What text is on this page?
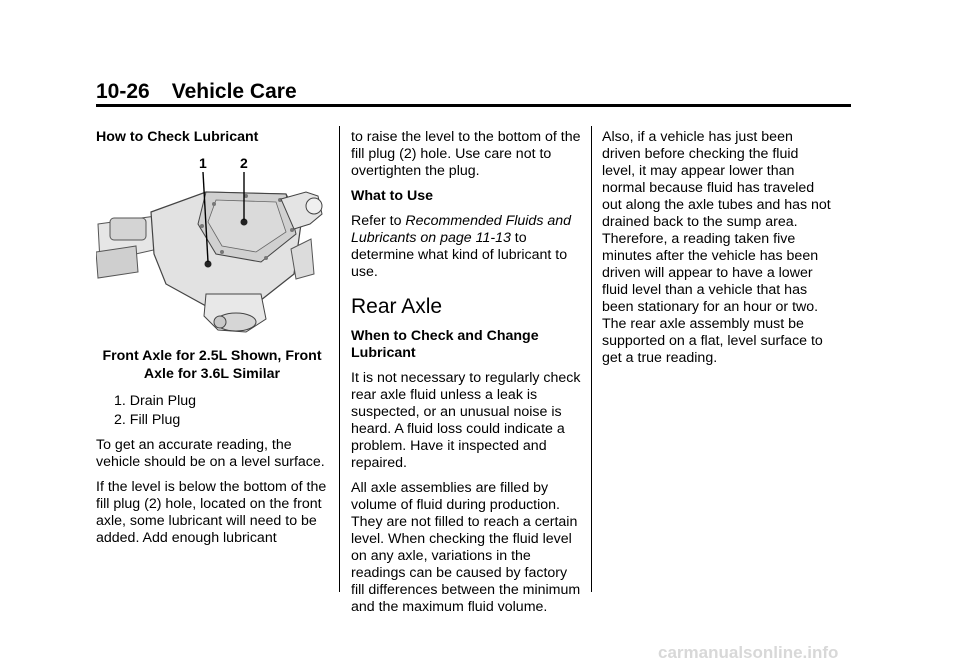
10-26 Vehicle Care

How to Check Lubricant

1 2

Front Axle for 2.5L Shown, Front Axle for 3.6L Similar

1. Drain Plug
2. Fill Plug

To get an accurate reading, the vehicle should be on a level surface.

If the level is below the bottom of the fill plug (2) hole, located on the front axle, some lubricant will need to be added. Add enough lubricant

to raise the level to the bottom of the fill plug (2) hole. Use care not to overtighten the plug.

What to Use

Refer to Recommended Fluids and Lubricants on page 11-13 to determine what kind of lubricant to use.

Rear Axle

When to Check and Change Lubricant

It is not necessary to regularly check rear axle fluid unless a leak is suspected, or an unusual noise is heard. A fluid loss could indicate a problem. Have it inspected and repaired.

All axle assemblies are filled by volume of fluid during production. They are not filled to reach a certain level. When checking the fluid level on any axle, variations in the readings can be caused by factory fill differences between the minimum and the maximum fluid volume.

Also, if a vehicle has just been driven before checking the fluid level, it may appear lower than normal because fluid has traveled out along the axle tubes and has not drained back to the sump area. Therefore, a reading taken five minutes after the vehicle has been driven will appear to have a lower fluid level than a vehicle that has been stationary for an hour or two. The rear axle assembly must be supported on a flat, level surface to get a true reading.

carmanualsonline.info
